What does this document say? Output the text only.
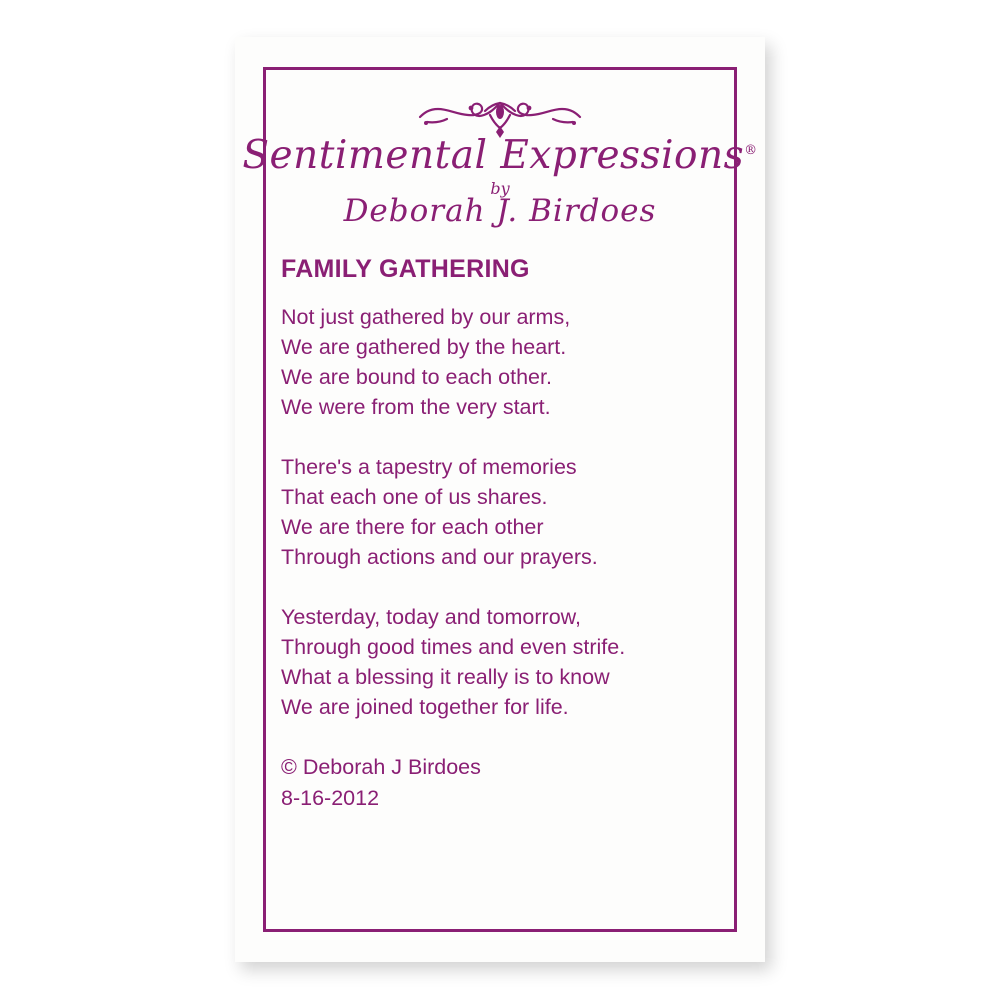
Sentimental Expressions®
by
Deborah J. Birdoes
FAMILY GATHERING
Not just gathered by our arms,
We are gathered by the heart.
We are bound to each other.
We were from the very start.
There's a tapestry of memories
That each one of us shares.
We are there for each other
Through actions and our prayers.
Yesterday, today and tomorrow,
Through good times and even strife.
What a blessing it really is to know
We are joined together for life.
© Deborah J Birdoes
8-16-2012
